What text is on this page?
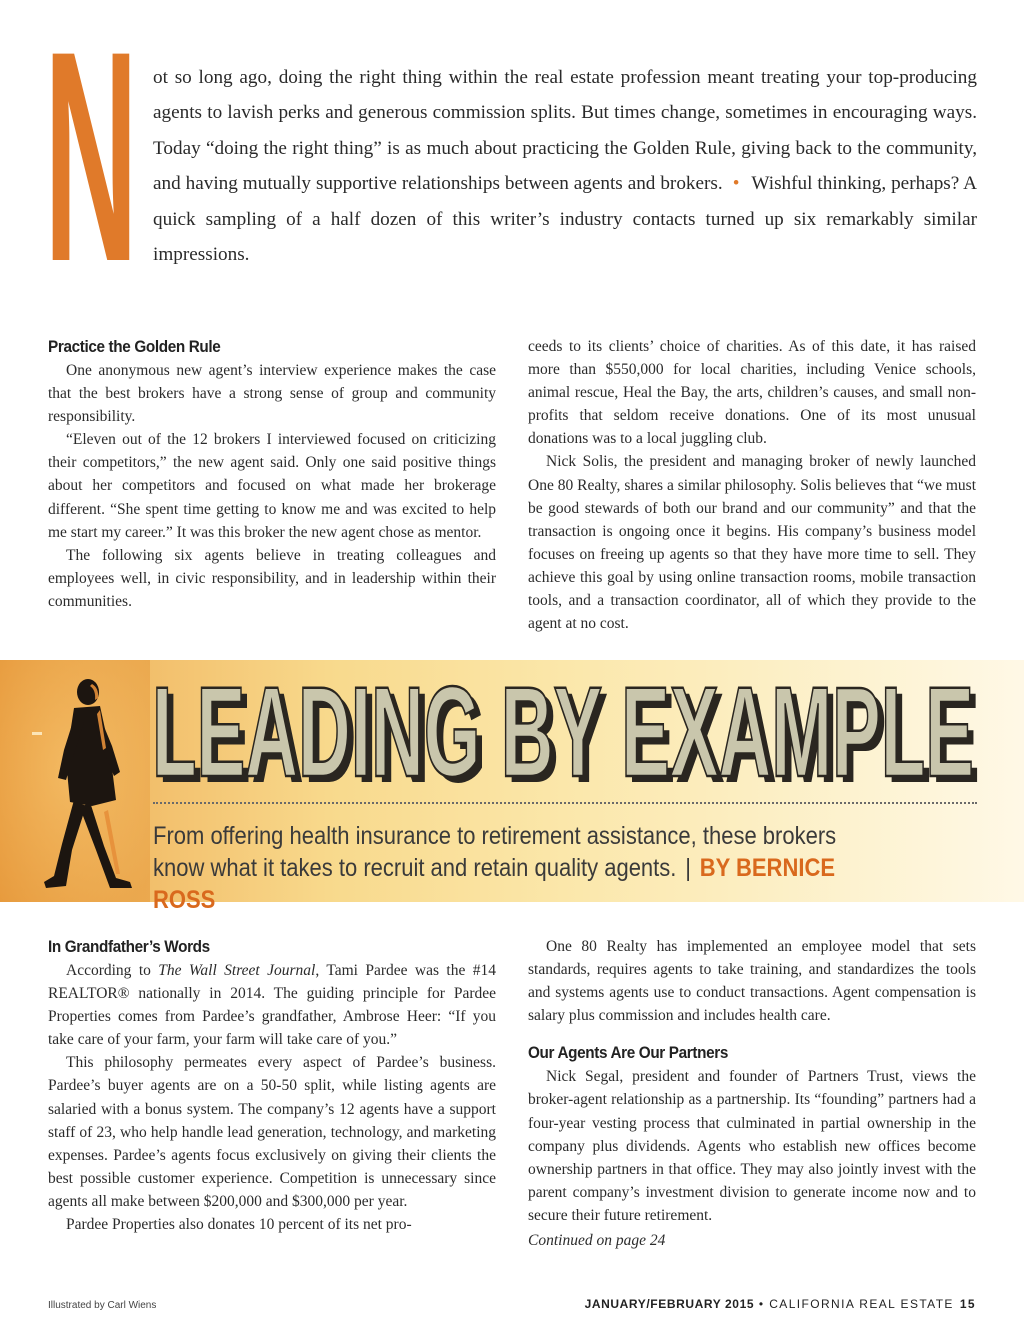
N ot so long ago, doing the right thing within the real estate profession meant treating your top-producing agents to lavish perks and generous commission splits. But times change, sometimes in encouraging ways. Today “doing the right thing” is as much about practicing the Golden Rule, giving back to the community, and having mutually supportive relationships between agents and brokers. • Wishful thinking, perhaps? A quick sampling of a half dozen of this writer’s industry contacts turned up six remarkably similar impressions.

Practice the Golden Rule

One anonymous new agent’s interview experience makes the case that the best brokers have a strong sense of group and community responsibility.

“Eleven out of the 12 brokers I interviewed focused on criticizing their competitors,” the new agent said. Only one said positive things about her competitors and focused on what made her brokerage different. “She spent time getting to know me and was excited to help me start my career.” It was this broker the new agent chose as mentor.

The following six agents believe in treating colleagues and employees well, in civic responsibility, and in leadership within their communities.

ceeds to its clients’ choice of charities. As of this date, it has raised more than $550,000 for local charities, including Venice schools, animal rescue, Heal the Bay, the arts, children’s causes, and small non-profits that seldom receive donations. One of its most unusual donations was to a local juggling club.

Nick Solis, the president and managing broker of newly launched One 80 Realty, shares a similar philosophy. Solis believes that “we must be good stewards of both our brand and our community” and that the transaction is ongoing once it begins. His company’s business model focuses on freeing up agents so that they have more time to sell. They achieve this goal by using online transaction rooms, mobile transaction tools, and a transaction coordinator, all of which they provide to the agent at no cost.

LEADING BY EXAMPLE
LEADING BY EXAMPLE

From offering health insurance to retirement assistance, these brokers know what it takes to recruit and retain quality agents. | BY BERNICE ROSS

In Grandfather’s Words

According to The Wall Street Journal, Tami Pardee was the #14 REALTOR® nationally in 2014. The guiding principle for Pardee Properties comes from Pardee’s grandfather, Ambrose Heer: “If you take care of your farm, your farm will take care of you.”

This philosophy permeates every aspect of Pardee’s business. Pardee’s buyer agents are on a 50-50 split, while listing agents are salaried with a bonus system. The company’s 12 agents have a support staff of 23, who help handle lead generation, technology, and marketing expenses. Pardee’s agents focus exclusively on giving their clients the best possible customer experience. Competition is unnecessary since agents all make between $200,000 and $300,000 per year.

Pardee Properties also donates 10 percent of its net pro-

One 80 Realty has implemented an employee model that sets standards, requires agents to take training, and standardizes the tools and systems agents use to conduct transactions. Agent compensation is salary plus commission and includes health care.

Our Agents Are Our Partners

Nick Segal, president and founder of Partners Trust, views the broker-agent relationship as a partnership. Its “founding” partners had a four-year vesting process that culminated in partial ownership in the company plus dividends. Agents who establish new offices become ownership partners in that office. They may also jointly invest with the parent company’s investment division to generate income now and to secure their future retirement.

Continued on page 24

Illustrated by Carl Wiens	JANUARY/FEBRUARY 2015 • CALIFORNIA REAL ESTATE 15
